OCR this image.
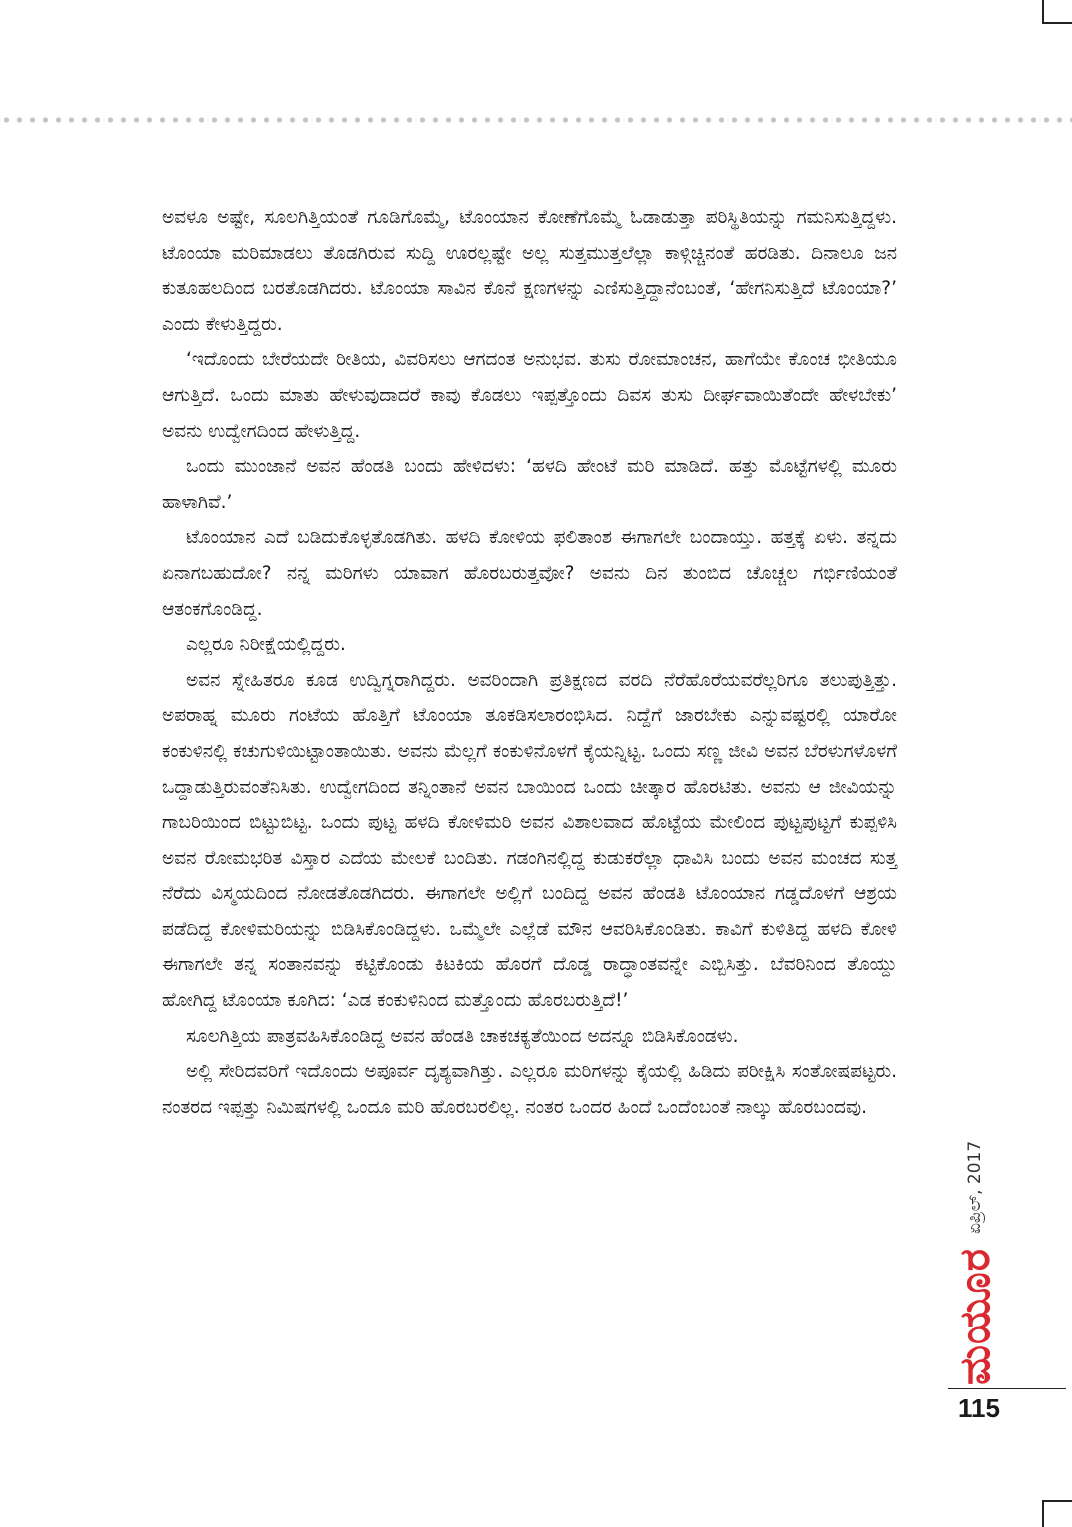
ಅವಳೂ ಅಷ್ಟೇ, ಸೂಲಗಿತ್ತಿಯಂತೆ ಗೂಡಿಗೊಮ್ಮೆ, ಟೊಂಯಾನ ಕೋಣೆಗೊಮ್ಮೆ ಓಡಾಡುತ್ತಾ ಪರಿಸ್ಥಿತಿಯನ್ನು ಗಮನಿಸುತ್ತಿದ್ದಳು. ಟೊಂಯಾ ಮರಿಮಾಡಲು ತೊಡಗಿರುವ ಸುದ್ದಿ ಊರಲ್ಲಷ್ಟೇ ಅಲ್ಲ ಸುತ್ತಮುತ್ತಲೆಲ್ಲಾ ಕಾಳ್ಗಿಚ್ಚಿನಂತೆ ಹರಡಿತು. ದಿನಾಲೂ ಜನ ಕುತೂಹಲದಿಂದ ಬರತೊಡಗಿದರು. ಟೊಂಯಾ ಸಾವಿನ ಕೊನೆ ಕ್ಷಣಗಳನ್ನು ಎಣಿಸುತ್ತಿದ್ದಾನೆಂಬಂತೆ, ‘ಹೇಗನಿಸುತ್ತಿದೆ ಟೊಂಯಾ?’ ಎಂದು ಕೇಳುತ್ತಿದ್ದರು.

‘ಇದೊಂದು ಬೇರೆಯದೇ ರೀತಿಯ, ವಿವರಿಸಲು ಆಗದಂತ ಅನುಭವ. ತುಸು ರೋಮಾಂಚನ, ಹಾಗೆಯೇ ಕೊಂಚ ಭೀತಿಯೂ ಆಗುತ್ತಿದೆ. ಒಂದು ಮಾತು ಹೇಳುವುದಾದರೆ ಕಾವು ಕೊಡಲು ಇಪ್ಪತ್ತೊಂದು ದಿವಸ ತುಸು ದೀರ್ಘವಾಯಿತೆಂದೇ ಹೇಳಬೇಕು’ ಅವನು ಉದ್ವೇಗದಿಂದ ಹೇಳುತ್ತಿದ್ದ.

ಒಂದು ಮುಂಜಾನೆ ಅವನ ಹೆಂಡತಿ ಬಂದು ಹೇಳಿದಳು: ‘ಹಳದಿ ಹೇಂಟೆ ಮರಿ ಮಾಡಿದೆ. ಹತ್ತು ಮೊಟ್ಟೆಗಳಲ್ಲಿ ಮೂರು ಹಾಳಾಗಿವೆ.’

ಟೊಂಯಾನ ಎದೆ ಬಡಿದುಕೊಳ್ಳತೊಡಗಿತು. ಹಳದಿ ಕೋಳಿಯ ಫಲಿತಾಂಶ ಈಗಾಗಲೇ ಬಂದಾಯ್ತು. ಹತ್ತಕ್ಕೆ ಏಳು. ತನ್ನದು ಏನಾಗಬಹುದೋ? ನನ್ನ ಮರಿಗಳು ಯಾವಾಗ ಹೊರಬರುತ್ತವೋ? ಅವನು ದಿನ ತುಂಬಿದ ಚೊಚ್ಚಲ ಗರ್ಭಿಣಿಯಂತೆ ಆತಂಕಗೊಂಡಿದ್ದ.

ಎಲ್ಲರೂ ನಿರೀಕ್ಷೆಯಲ್ಲಿದ್ದರು.

ಅವನ ಸ್ನೇಹಿತರೂ ಕೂಡ ಉದ್ವಿಗ್ನರಾಗಿದ್ದರು. ಅವರಿಂದಾಗಿ ಪ್ರತಿಕ್ಷಣದ ವರದಿ ನೆರೆಹೊರೆಯವರೆಲ್ಲರಿಗೂ ತಲುಪುತ್ತಿತ್ತು. ಅಪರಾಹ್ನ ಮೂರು ಗಂಟೆಯ ಹೊತ್ತಿಗೆ ಟೊಂಯಾ ತೂಕಡಿಸಲಾರಂಭಿಸಿದ. ನಿದ್ದೆಗೆ ಜಾರಬೇಕು ಎನ್ನುವಷ್ಟರಲ್ಲಿ ಯಾರೋ ಕಂಕುಳಿನಲ್ಲಿ ಕಚುಗುಳಿಯಿಟ್ಟಾಂತಾಯಿತು. ಅವನು ಮೆಲ್ಲಗೆ ಕಂಕುಳಿನೊಳಗೆ ಕೈಯನ್ನಿಟ್ಟ. ಒಂದು ಸಣ್ಣ ಜೀವಿ ಅವನ ಬೆರಳುಗಳೊಳಗೆ ಒದ್ದಾಡುತ್ತಿರುವಂತೆನಿಸಿತು. ಉದ್ವೇಗದಿಂದ ತನ್ನಿಂತಾನೆ ಅವನ ಬಾಯಿಂದ ಒಂದು ಚೀತ್ಕಾರ ಹೊರಟಿತು. ಅವನು ಆ ಜೀವಿಯನ್ನು ಗಾಬರಿಯಿಂದ ಬಿಟ್ಟುಬಿಟ್ಟ. ಒಂದು ಪುಟ್ಟ ಹಳದಿ ಕೋಳಿಮರಿ ಅವನ ವಿಶಾಲವಾದ ಹೊಟ್ಟೆಯ ಮೇಲಿಂದ ಪುಟ್ಟಪುಟ್ಟಗೆ ಕುಪ್ಪಳಿಸಿ ಅವನ ರೋಮಭರಿತ ವಿಸ್ತಾರ ಎದೆಯ ಮೇಲಕೆ ಬಂದಿತು. ಗಡಂಗಿನಲ್ಲಿದ್ದ ಕುಡುಕರೆಲ್ಲಾ ಧಾವಿಸಿ ಬಂದು ಅವನ ಮಂಚದ ಸುತ್ತ ನೆರೆದು ವಿಸ್ಮಯದಿಂದ ನೋಡತೊಡಗಿದರು. ಈಗಾಗಲೇ ಅಲ್ಲಿಗೆ ಬಂದಿದ್ದ ಅವನ ಹೆಂಡತಿ ಟೊಂಯಾನ ಗಡ್ಡದೊಳಗೆ ಆಶ್ರಯ ಪಡೆದಿದ್ದ ಕೋಳಿಮರಿಯನ್ನು ಬಿಡಿಸಿಕೊಂಡಿದ್ದಳು. ಒಮ್ಮೆಲೇ ಎಲ್ಲೆಡೆ ಮೌನ ಆವರಿಸಿಕೊಂಡಿತು. ಕಾವಿಗೆ ಕುಳಿತಿದ್ದ ಹಳದಿ ಕೋಳಿ ಈಗಾಗಲೇ ತನ್ನ ಸಂತಾನವನ್ನು ಕಟ್ಟಿಕೊಂಡು ಕಿಟಕಿಯ ಹೊರಗೆ ದೊಡ್ಡ ರಾದ್ಧಾಂತವನ್ನೇ ಎಬ್ಬಿಸಿತ್ತು. ಬೆವರಿನಿಂದ ತೊಯ್ದು ಹೋಗಿದ್ದ ಟೊಂಯಾ ಕೂಗಿದ: ‘ಎಡ ಕಂಕುಳಿನಿಂದ ಮತ್ತೊಂದು ಹೊರಬರುತ್ತಿದೆ!’

ಸೂಲಗಿತ್ತಿಯ ಪಾತ್ರವಹಿಸಿಕೊಂಡಿದ್ದ ಅವನ ಹೆಂಡತಿ ಚಾಕಚಕ್ಯತೆಯಿಂದ ಅದನ್ನೂ ಬಿಡಿಸಿಕೊಂಡಳು.

ಅಲ್ಲಿ ಸೇರಿದವರಿಗೆ ಇದೊಂದು ಅಪೂರ್ವ ದೃಶ್ಯವಾಗಿತ್ತು. ಎಲ್ಲರೂ ಮರಿಗಳನ್ನು ಕೈಯಲ್ಲಿ ಹಿಡಿದು ಪರೀಕ್ಷಿಸಿ ಸಂತೋಷಪಟ್ಟರು. ನಂತರದ ಇಪ್ಪತ್ತು ನಿಮಿಷಗಳಲ್ಲಿ ಒಂದೂ ಮರಿ ಹೊರಬರಲಿಲ್ಲ. ನಂತರ ಒಂದರ ಹಿಂದೆ ಒಂದೆಂಬಂತೆ ನಾಲ್ಕು ಹೊರಬಂದವು.

ಮಯೂರ
ಏಪ್ರಿಲ್, 2017
115
